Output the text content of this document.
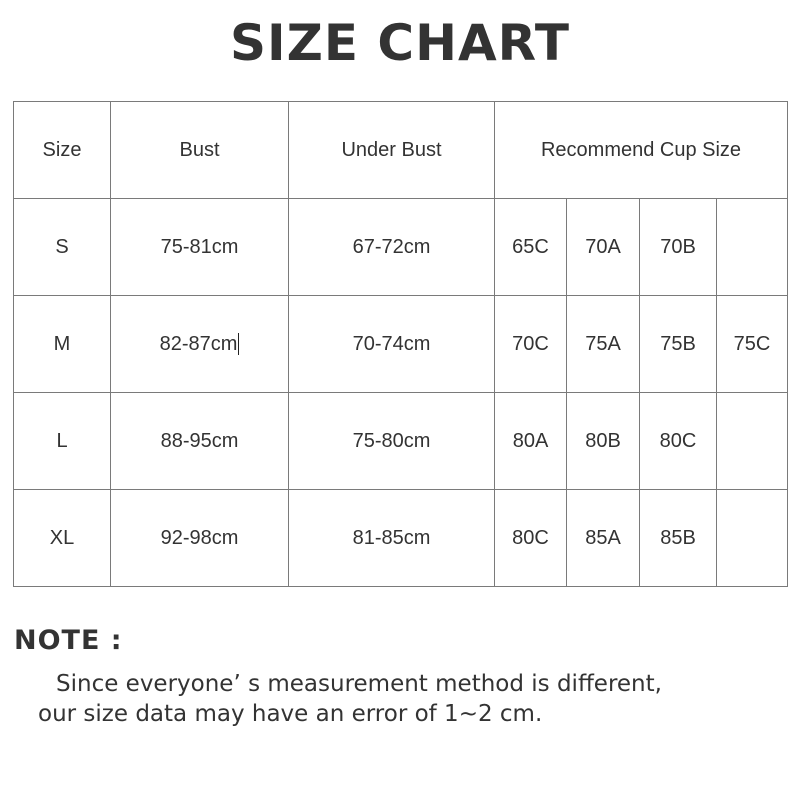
SIZE CHART
Size	Bust	Under Bust	Recommend Cup Size			
S	75-81cm	67-72cm	65C	70A	70B	
M	82-87cm	70-74cm	70C	75A	75B	75C
L	88-95cm	75-80cm	80A	80B	80C	
XL	92-98cm	81-85cm	80C	85A	85B	
NOTE :
Since everyone’ s measurement method is different,
our size data may have an error of 1~2 cm.
